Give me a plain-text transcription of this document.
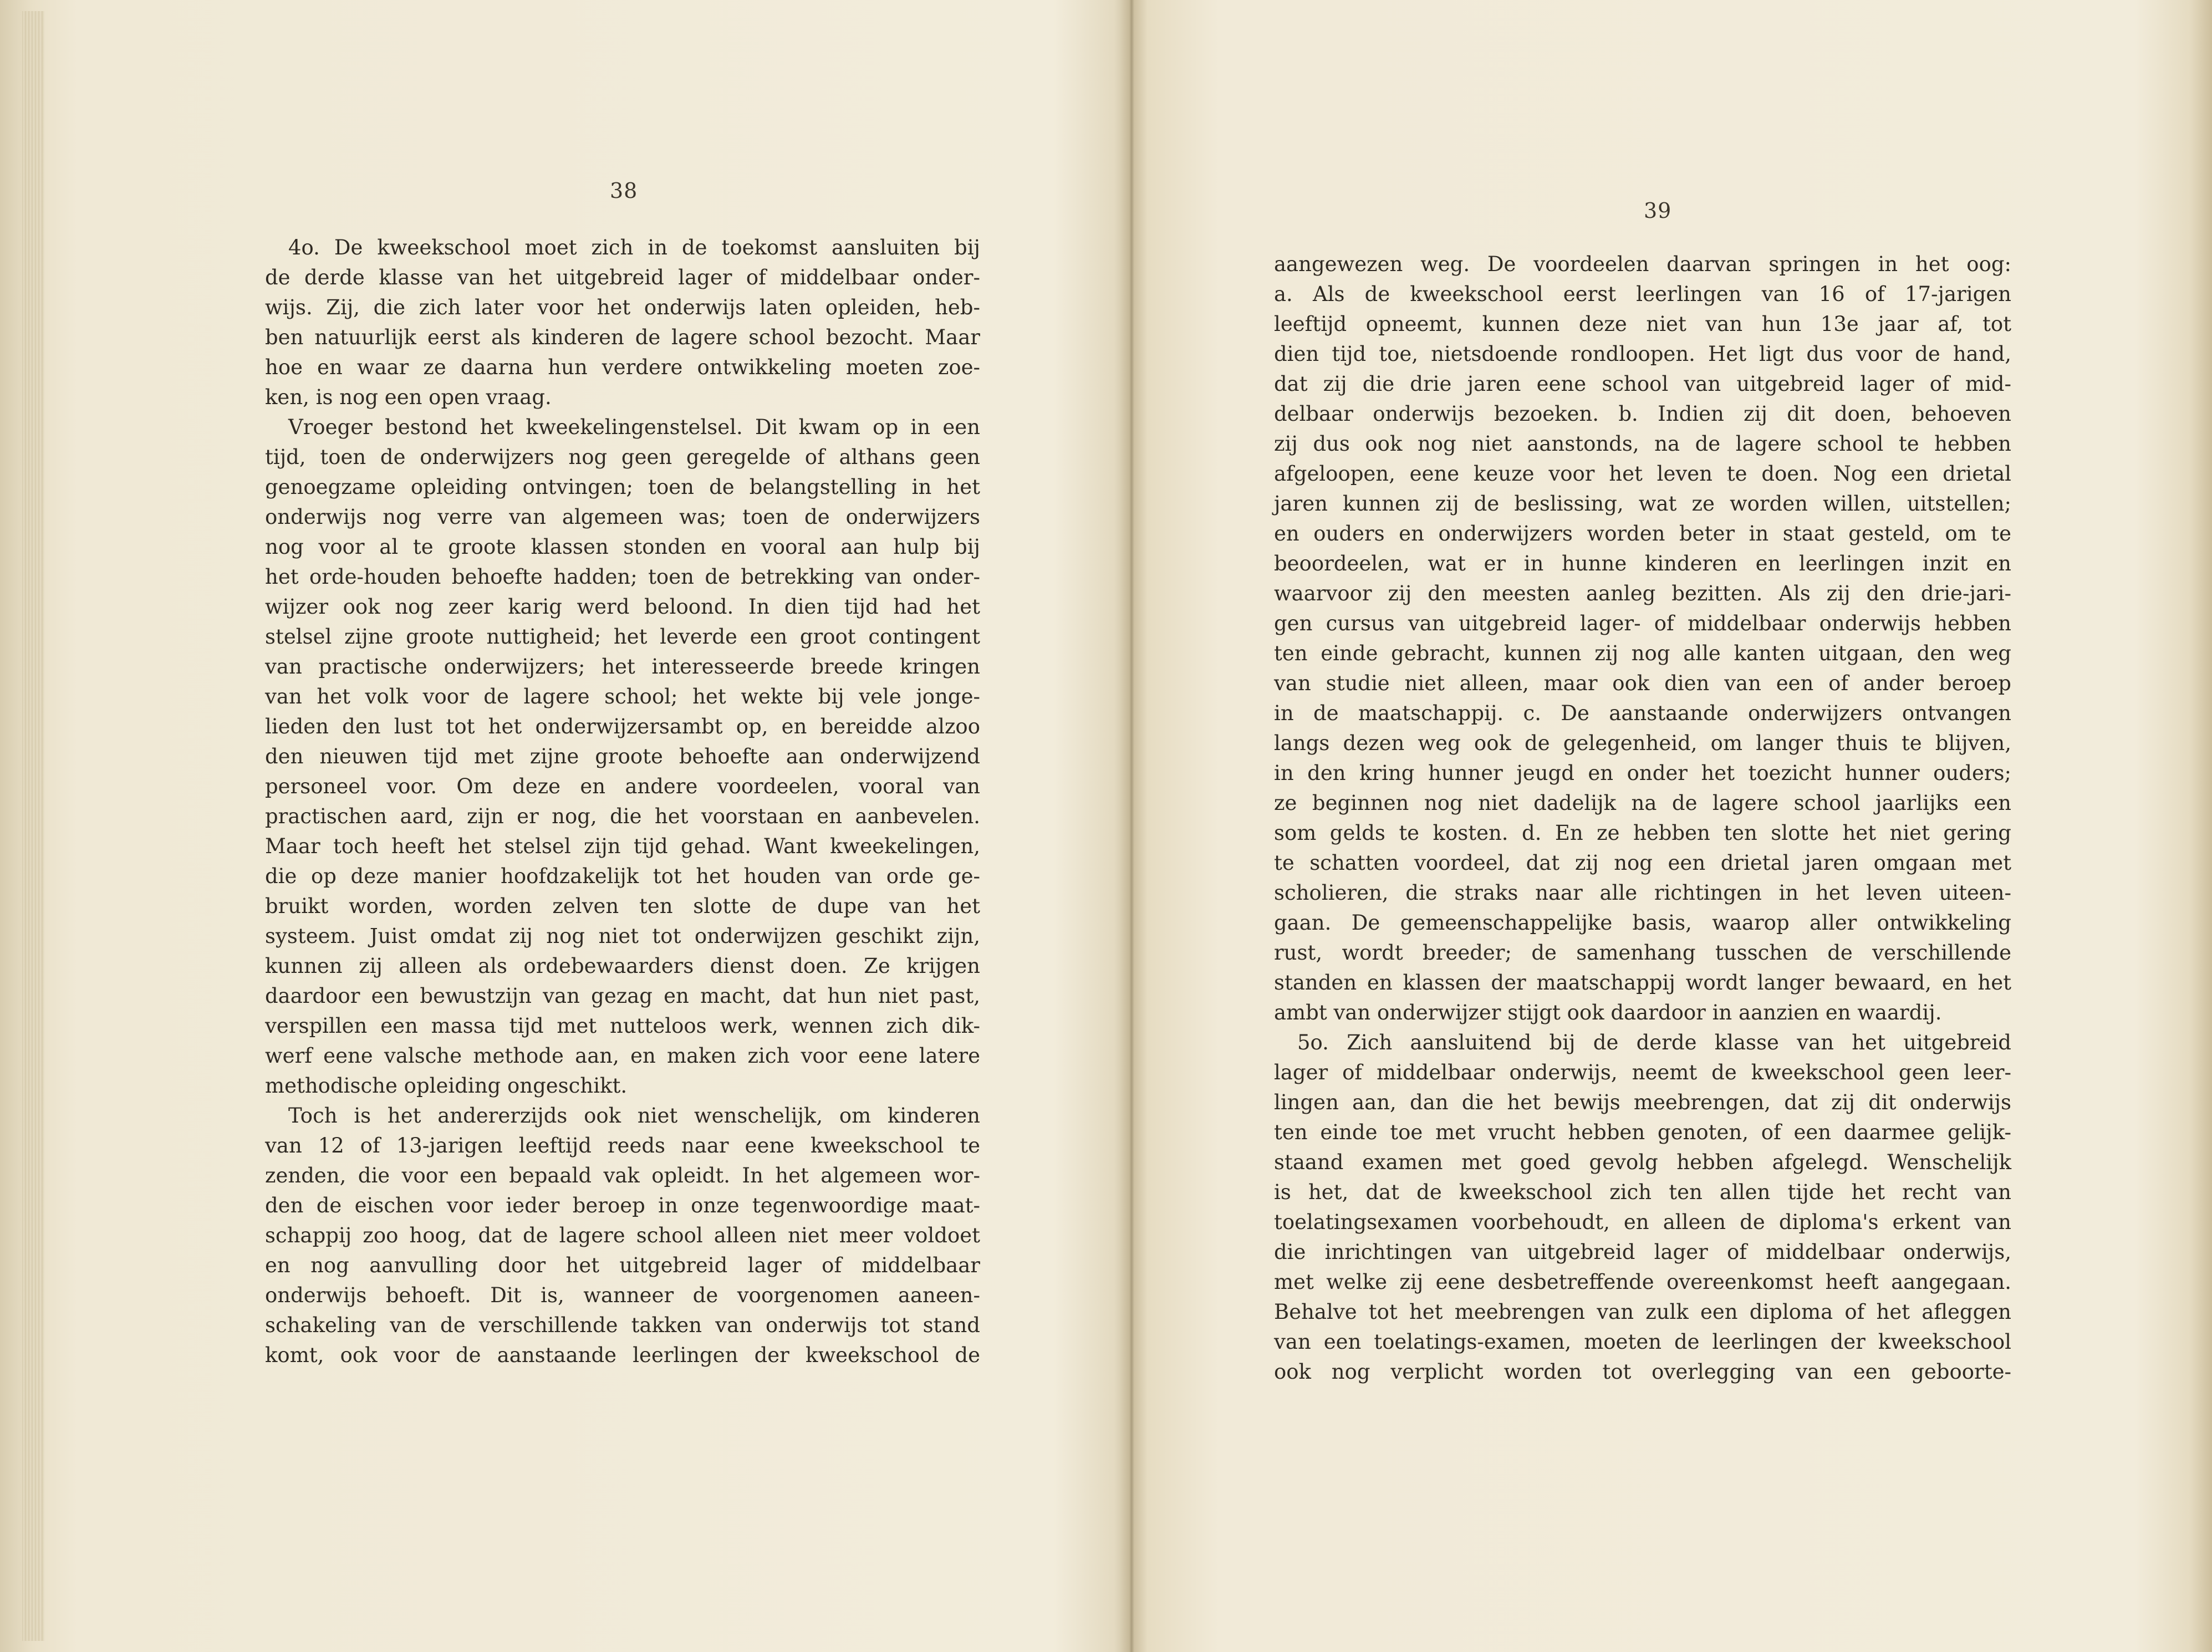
38
4o. De kweekschool moet zich in de toekomst aansluiten bij
de derde klasse van het uitgebreid lager of middelbaar onder-
wijs. Zij, die zich later voor het onderwijs laten opleiden, heb-
ben natuurlijk eerst als kinderen de lagere school bezocht. Maar
hoe en waar ze daarna hun verdere ontwikkeling moeten zoe-
ken, is nog een open vraag.
Vroeger bestond het kweekelingenstelsel. Dit kwam op in een
tijd, toen de onderwijzers nog geen geregelde of althans geen
genoegzame opleiding ontvingen; toen de belangstelling in het
onderwijs nog verre van algemeen was; toen de onderwijzers
nog voor al te groote klassen stonden en vooral aan hulp bij
het orde-houden behoefte hadden; toen de betrekking van onder-
wijzer ook nog zeer karig werd beloond. In dien tijd had het
stelsel zijne groote nuttigheid; het leverde een groot contingent
van practische onderwijzers; het interesseerde breede kringen
van het volk voor de lagere school; het wekte bij vele jonge-
lieden den lust tot het onderwijzersambt op, en bereidde alzoo
den nieuwen tijd met zijne groote behoefte aan onderwijzend
personeel voor. Om deze en andere voordeelen, vooral van
practischen aard, zijn er nog, die het voorstaan en aanbevelen.
Maar toch heeft het stelsel zijn tijd gehad. Want kweekelingen,
die op deze manier hoofdzakelijk tot het houden van orde ge-
bruikt worden, worden zelven ten slotte de dupe van het
systeem. Juist omdat zij nog niet tot onderwijzen geschikt zijn,
kunnen zij alleen als ordebewaarders dienst doen. Ze krijgen
daardoor een bewustzijn van gezag en macht, dat hun niet past,
verspillen een massa tijd met nutteloos werk, wennen zich dik-
werf eene valsche methode aan, en maken zich voor eene latere
methodische opleiding ongeschikt.
Toch is het andererzijds ook niet wenschelijk, om kinderen
van 12 of 13-jarigen leeftijd reeds naar eene kweekschool te
zenden, die voor een bepaald vak opleidt. In het algemeen wor-
den de eischen voor ieder beroep in onze tegenwoordige maat-
schappij zoo hoog, dat de lagere school alleen niet meer voldoet
en nog aanvulling door het uitgebreid lager of middelbaar
onderwijs behoeft. Dit is, wanneer de voorgenomen aaneen-
schakeling van de verschillende takken van onderwijs tot stand
komt, ook voor de aanstaande leerlingen der kweekschool de
39
aangewezen weg. De voordeelen daarvan springen in het oog:
a. Als de kweekschool eerst leerlingen van 16 of 17-jarigen
leeftijd opneemt, kunnen deze niet van hun 13e jaar af, tot
dien tijd toe, nietsdoende rondloopen. Het ligt dus voor de hand,
dat zij die drie jaren eene school van uitgebreid lager of mid-
delbaar onderwijs bezoeken. b. Indien zij dit doen, behoeven
zij dus ook nog niet aanstonds, na de lagere school te hebben
afgeloopen, eene keuze voor het leven te doen. Nog een drietal
jaren kunnen zij de beslissing, wat ze worden willen, uitstellen;
en ouders en onderwijzers worden beter in staat gesteld, om te
beoordeelen, wat er in hunne kinderen en leerlingen inzit en
waarvoor zij den meesten aanleg bezitten. Als zij den drie-jari-
gen cursus van uitgebreid lager- of middelbaar onderwijs hebben
ten einde gebracht, kunnen zij nog alle kanten uitgaan, den weg
van studie niet alleen, maar ook dien van een of ander beroep
in de maatschappij. c. De aanstaande onderwijzers ontvangen
langs dezen weg ook de gelegenheid, om langer thuis te blijven,
in den kring hunner jeugd en onder het toezicht hunner ouders;
ze beginnen nog niet dadelijk na de lagere school jaarlijks een
som gelds te kosten. d. En ze hebben ten slotte het niet gering
te schatten voordeel, dat zij nog een drietal jaren omgaan met
scholieren, die straks naar alle richtingen in het leven uiteen-
gaan. De gemeenschappelijke basis, waarop aller ontwikkeling
rust, wordt breeder; de samenhang tusschen de verschillende
standen en klassen der maatschappij wordt langer bewaard, en het
ambt van onderwijzer stijgt ook daardoor in aanzien en waardij.
5o. Zich aansluitend bij de derde klasse van het uitgebreid
lager of middelbaar onderwijs, neemt de kweekschool geen leer-
lingen aan, dan die het bewijs meebrengen, dat zij dit onderwijs
ten einde toe met vrucht hebben genoten, of een daarmee gelijk-
staand examen met goed gevolg hebben afgelegd. Wenschelijk
is het, dat de kweekschool zich ten allen tijde het recht van
toelatingsexamen voorbehoudt, en alleen de diploma's erkent van
die inrichtingen van uitgebreid lager of middelbaar onderwijs,
met welke zij eene desbetreffende overeenkomst heeft aangegaan.
Behalve tot het meebrengen van zulk een diploma of het afleggen
van een toelatings-examen, moeten de leerlingen der kweekschool
ook nog verplicht worden tot overlegging van een geboorte-
